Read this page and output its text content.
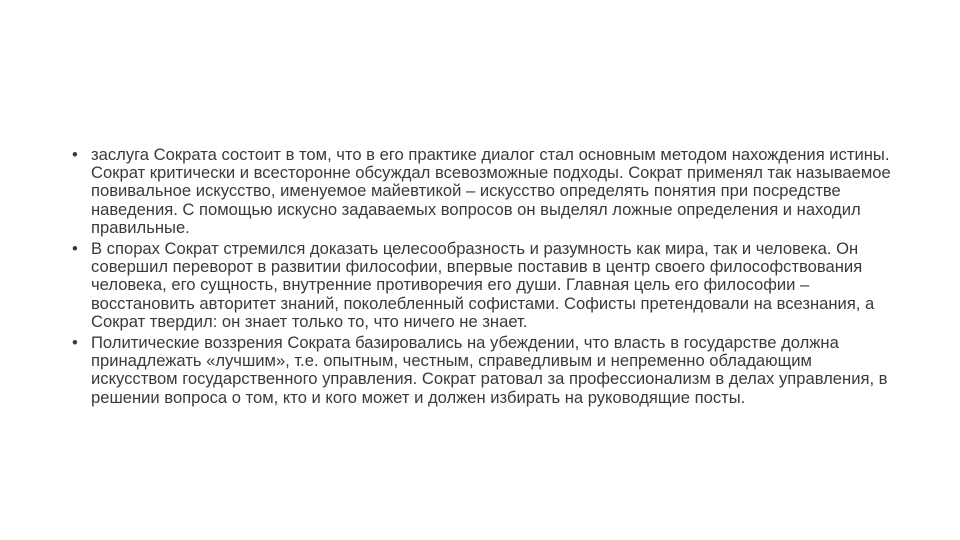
• заслуга Сократа состоит в том, что в его практике диалог стал основным методом нахождения истины. Сократ критически и всесторонне обсуждал всевозможные подходы. Сократ применял так называемое повивальное искусство, именуемое майевтикой – искусство определять понятия при посредстве наведения. С помощью искусно задаваемых вопросов он выделял ложные определения и находил правильные.
• В спорах Сократ стремился доказать целесообразность и разумность как мира, так и человека. Он совершил переворот в развитии философии, впервые поставив в центр своего философствования человека, его сущность, внутренние противоречия его души. Главная цель его философии – восстановить авторитет знаний, поколебленный софистами. Софисты претендовали на всезнания, а Сократ твердил: он знает только то, что ничего не знает.
• Политические воззрения Сократа базировались на убеждении, что власть в государстве должна принадлежать «лучшим», т.е. опытным, честным, справедливым и непременно обладающим искусством государственного управления. Сократ ратовал за профессионализм в делах управления, в решении вопроса о том, кто и кого может и должен избирать на руководящие посты.
